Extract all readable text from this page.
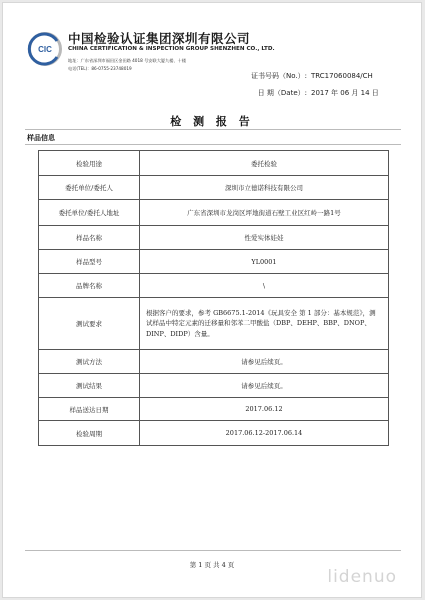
CIC
中国检验认证集团深圳有限公司
CHINA CERTIFICATION & INSPECTION GROUP SHENZHEN CO., LTD.
地址：广东省深圳市福田区金田路 4018 号安联大厦九楼、十楼
电话(TEL)：86-0755-23748019
证书号码（No.）: TRC17060084/CH
日 期（Date）: 2017 年 06 月 14 日
检 测 报 告
样品信息
检验用途	委托检验
委托单位/委托人	深圳市立德诺科技有限公司
委托单位/委托人地址	广东省深圳市龙岗区坪地街道石壁工业区红岭一路1号
样品名称	性爱实体娃娃
样品型号	YL0001
品牌名称	\
测试要求	根据客户的要求，参考 GB6675.1-2014《玩具安全 第 1 部分：基本规范》，测试样品中特定元素的迁移量和邻苯二甲酸盐（DBP、DEHP、BBP、DNOP、DINP、DIDP）含量。
测试方法	请参见后续页。
测试结果	请参见后续页。
样品送达日期	2017.06.12
检验周期	2017.06.12-2017.06.14
第 1 页 共 4 页
lidenuo
